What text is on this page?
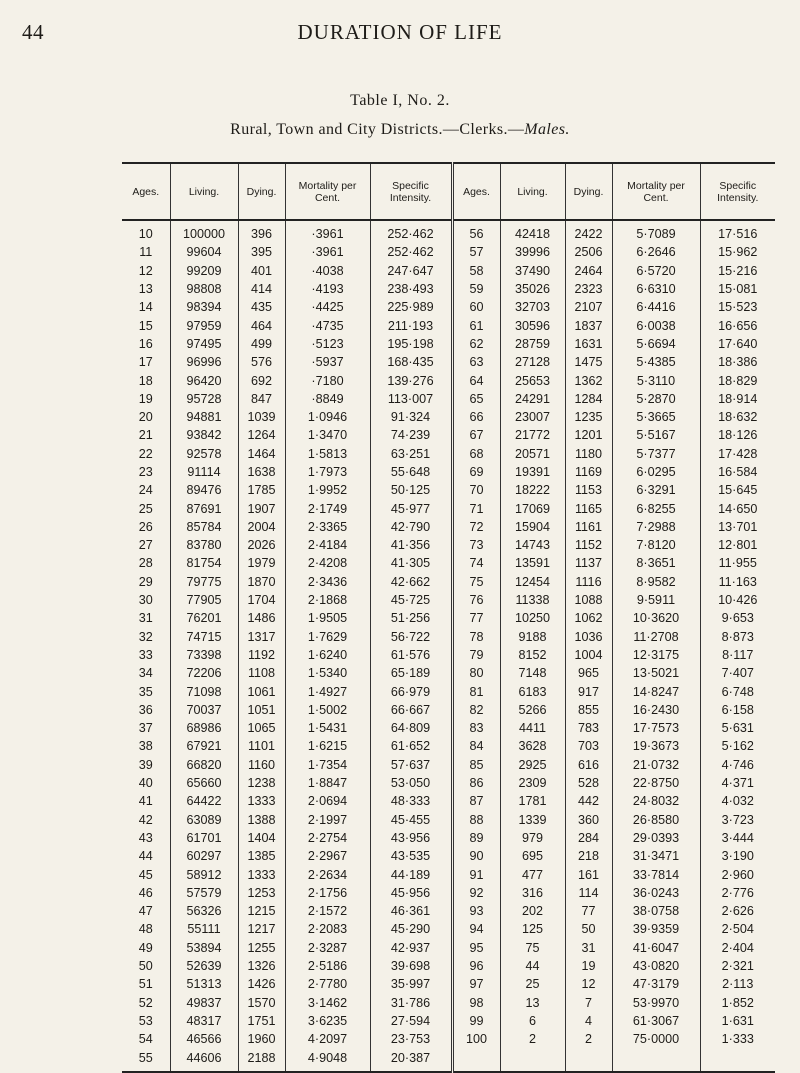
44	DURATION OF LIFE
Table I, No. 2.
Rural, Town and City Districts.—Clerks.—Males.
Ages.	Living.	Dying.	Mortality per Cent.	Specific Intensity.	Ages.	Living.	Dying.	Mortality per Cent.	Specific Intensity.
10	100000	396	·3961	252·462	56	42418	2422	5·7089	17·516
11	99604	395	·3961	252·462	57	39996	2506	6·2646	15·962
12	99209	401	·4038	247·647	58	37490	2464	6·5720	15·216
13	98808	414	·4193	238·493	59	35026	2323	6·6310	15·081
14	98394	435	·4425	225·989	60	32703	2107	6·4416	15·523
15	97959	464	·4735	211·193	61	30596	1837	6·0038	16·656
16	97495	499	·5123	195·198	62	28759	1631	5·6694	17·640
17	96996	576	·5937	168·435	63	27128	1475	5·4385	18·386
18	96420	692	·7180	139·276	64	25653	1362	5·3110	18·829
19	95728	847	·8849	113·007	65	24291	1284	5·2870	18·914
20	94881	1039	1·0946	91·324	66	23007	1235	5·3665	18·632
21	93842	1264	1·3470	74·239	67	21772	1201	5·5167	18·126
22	92578	1464	1·5813	63·251	68	20571	1180	5·7377	17·428
23	91114	1638	1·7973	55·648	69	19391	1169	6·0295	16·584
24	89476	1785	1·9952	50·125	70	18222	1153	6·3291	15·645
25	87691	1907	2·1749	45·977	71	17069	1165	6·8255	14·650
26	85784	2004	2·3365	42·790	72	15904	1161	7·2988	13·701
27	83780	2026	2·4184	41·356	73	14743	1152	7·8120	12·801
28	81754	1979	2·4208	41·305	74	13591	1137	8·3651	11·955
29	79775	1870	2·3436	42·662	75	12454	1116	8·9582	11·163
30	77905	1704	2·1868	45·725	76	11338	1088	9·5911	10·426
31	76201	1486	1·9505	51·256	77	10250	1062	10·3620	9·653
32	74715	1317	1·7629	56·722	78	9188	1036	11·2708	8·873
33	73398	1192	1·6240	61·576	79	8152	1004	12·3175	8·117
34	72206	1108	1·5340	65·189	80	7148	965	13·5021	7·407
35	71098	1061	1·4927	66·979	81	6183	917	14·8247	6·748
36	70037	1051	1·5002	66·667	82	5266	855	16·2430	6·158
37	68986	1065	1·5431	64·809	83	4411	783	17·7573	5·631
38	67921	1101	1·6215	61·652	84	3628	703	19·3673	5·162
39	66820	1160	1·7354	57·637	85	2925	616	21·0732	4·746
40	65660	1238	1·8847	53·050	86	2309	528	22·8750	4·371
41	64422	1333	2·0694	48·333	87	1781	442	24·8032	4·032
42	63089	1388	2·1997	45·455	88	1339	360	26·8580	3·723
43	61701	1404	2·2754	43·956	89	979	284	29·0393	3·444
44	60297	1385	2·2967	43·535	90	695	218	31·3471	3·190
45	58912	1333	2·2634	44·189	91	477	161	33·7814	2·960
46	57579	1253	2·1756	45·956	92	316	114	36·0243	2·776
47	56326	1215	2·1572	46·361	93	202	77	38·0758	2·626
48	55111	1217	2·2083	45·290	94	125	50	39·9359	2·504
49	53894	1255	2·3287	42·937	95	75	31	41·6047	2·404
50	52639	1326	2·5186	39·698	96	44	19	43·0820	2·321
51	51313	1426	2·7780	35·997	97	25	12	47·3179	2·113
52	49837	1570	3·1462	31·786	98	13	7	53·9970	1·852
53	48317	1751	3·6235	27·594	99	6	4	61·3067	1·631
54	46566	1960	4·2097	23·753	100	2	2	75·0000	1·333
55	44606	2188	4·9048	20·387					
